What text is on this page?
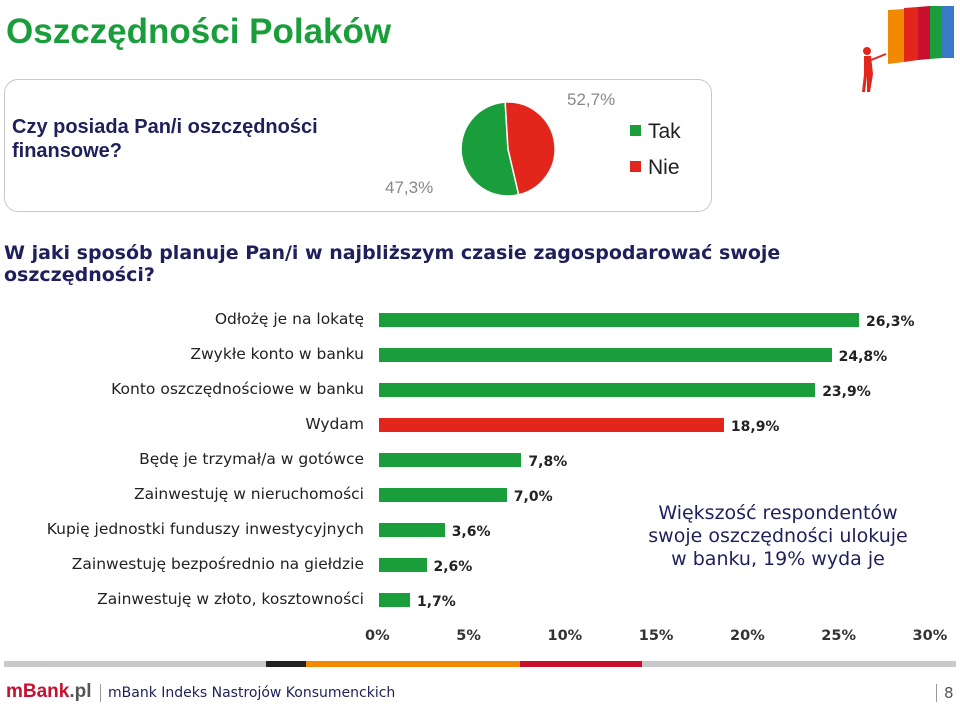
Oszczędności Polaków
Czy posiada Pan/i oszczędności finansowe?
52,7%
47,3%
Tak
Nie
W jaki sposób planuje Pan/i w najbliższym czasie zagospodarować swoje oszczędności?
Odłożę je na lokatę	26,3%
Zwykłe konto w banku	24,8%
Konto oszczędnościowe w banku	23,9%
Wydam	18,9%
Będę je trzymał/a w gotówce	7,8%
Zainwestuję w nieruchomości	7,0%
Kupię jednostki funduszy inwestycyjnych	3,6%
Zainwestuję bezpośrednio na giełdzie	2,6%
Zainwestuję w złoto, kosztowności	1,7%
0%	5%	10%	15%	20%	25%	30%
Większość respondentów swoje oszczędności ulokuje w banku, 19% wyda je
mBank.pl mBank Indeks Nastrojów Konsumenckich	8
